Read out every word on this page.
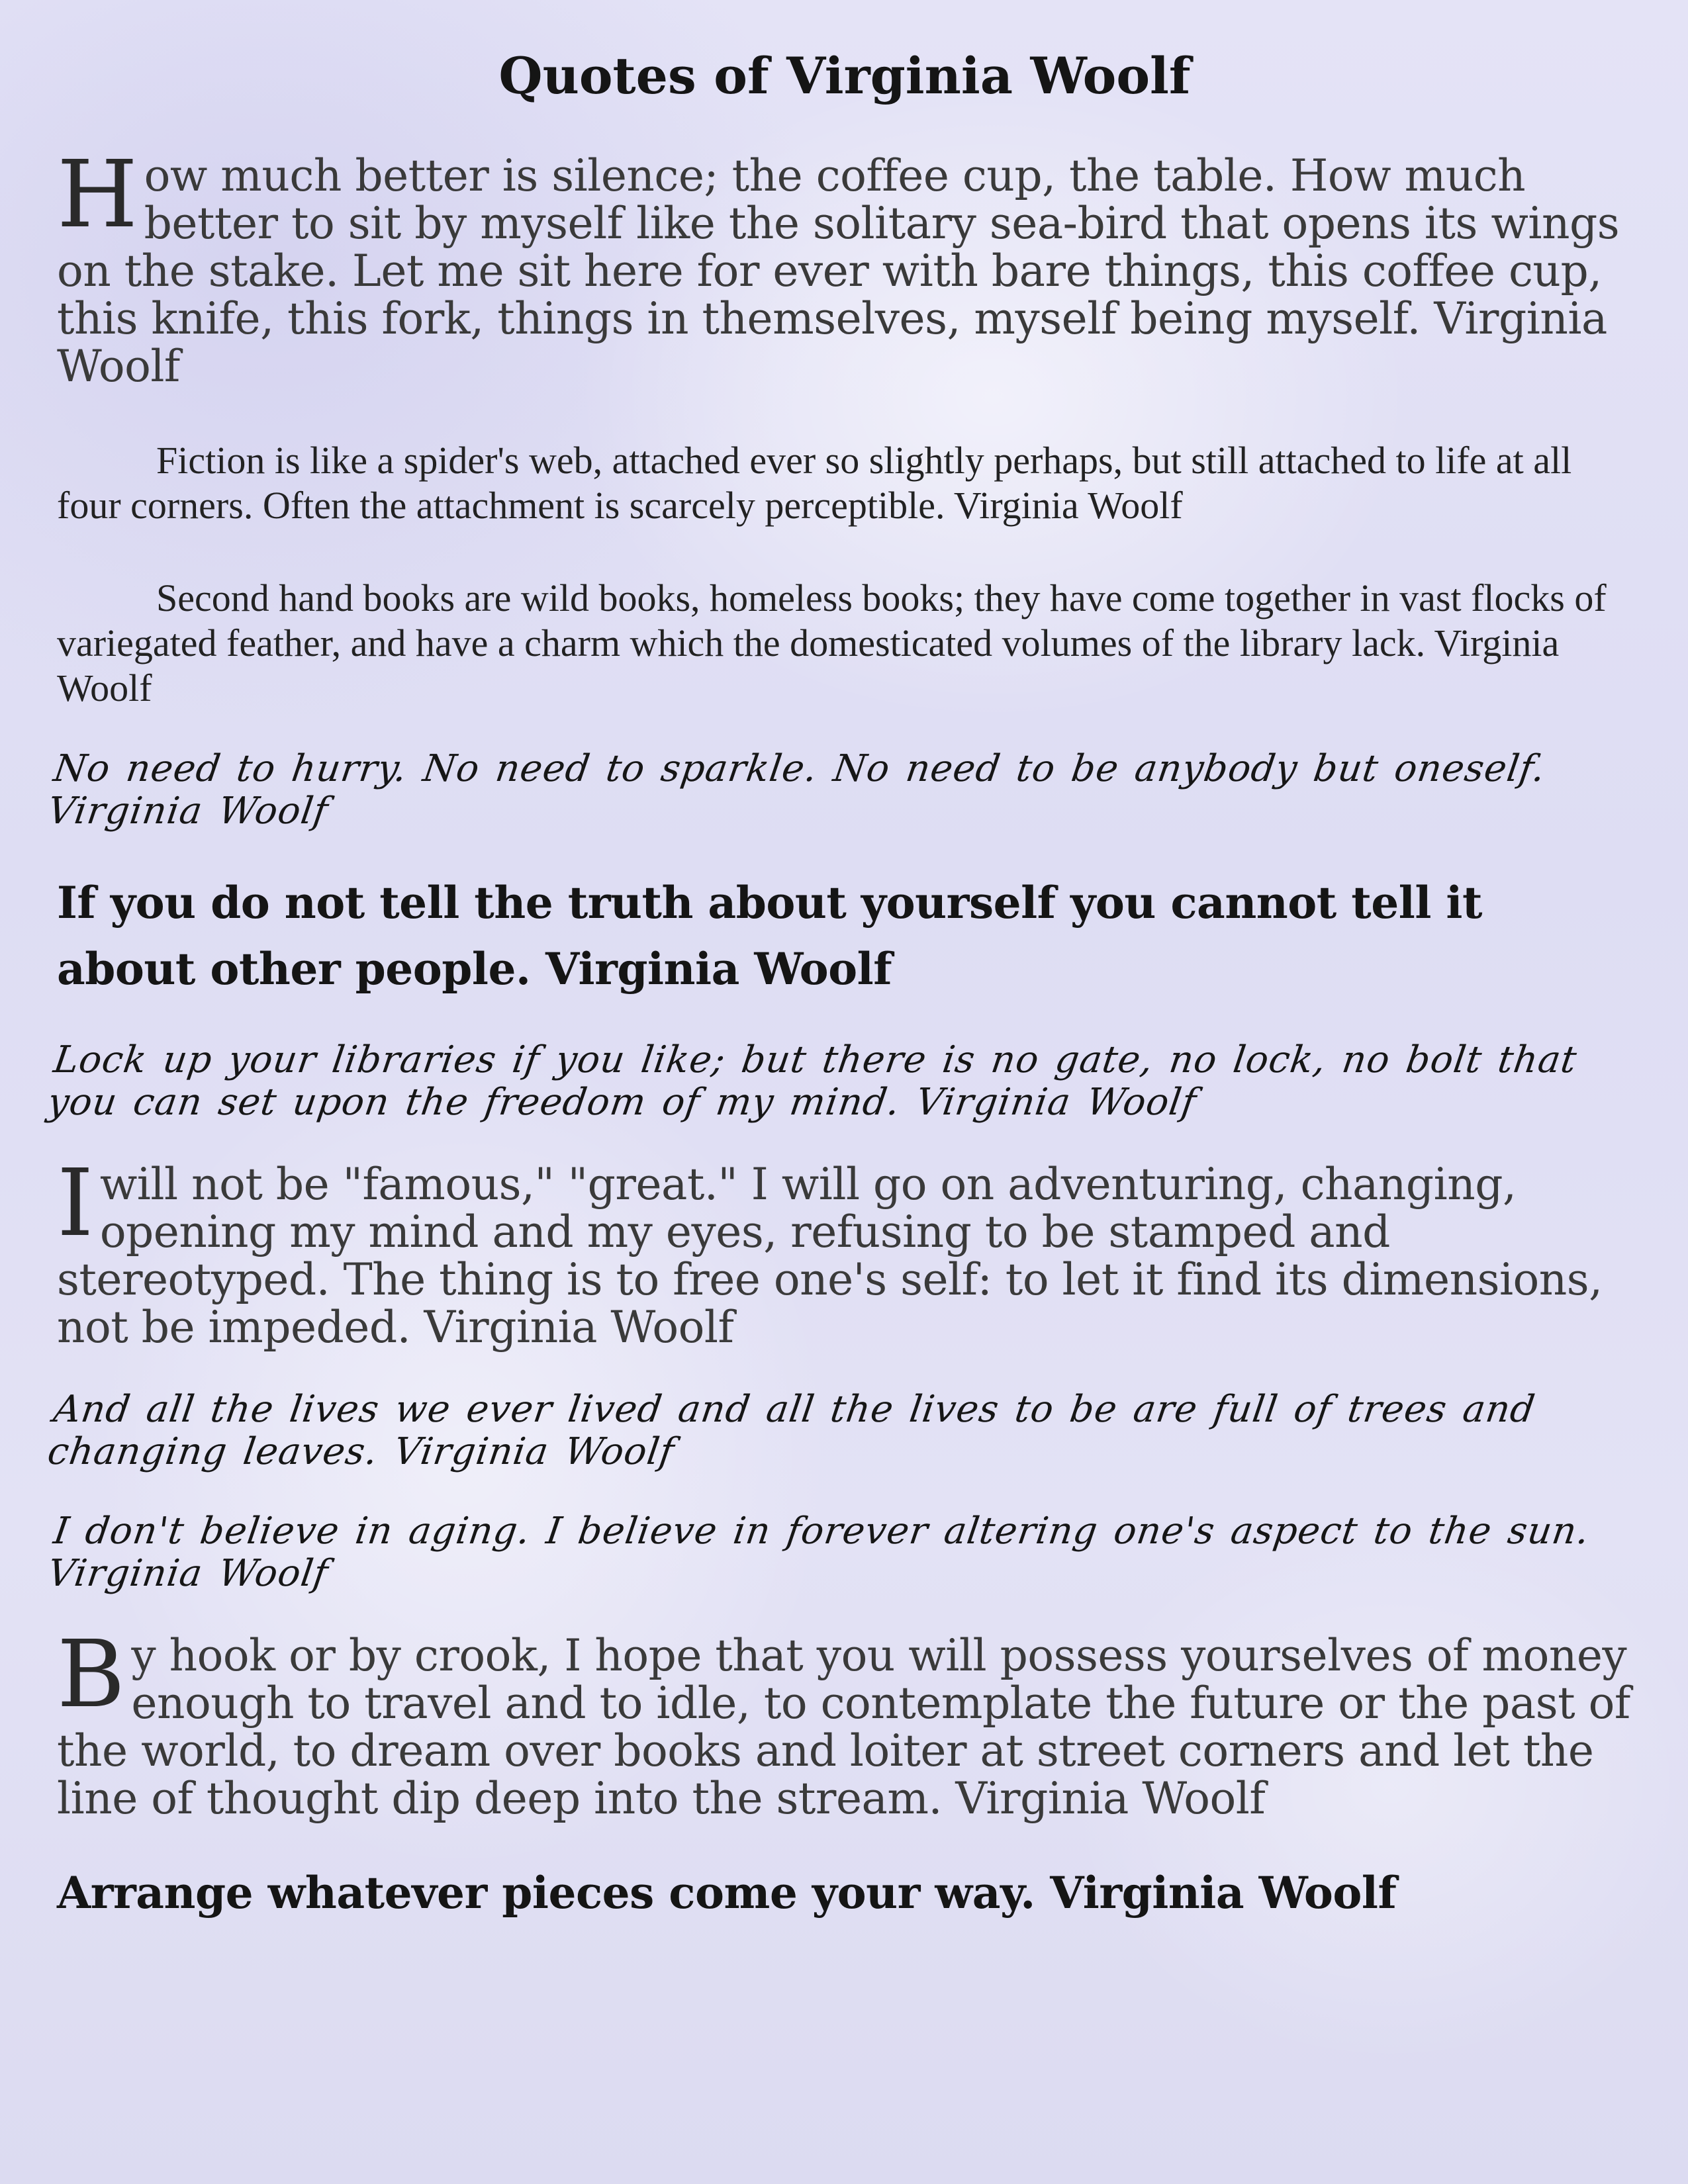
Quotes of Virginia Woolf

How much better is silence; the coffee cup, the table. How much better to sit by myself like the solitary sea-bird that opens its wings on the stake. Let me sit here for ever with bare things, this coffee cup, this knife, this fork, things in themselves, myself being myself. Virginia Woolf

Fiction is like a spider's web, attached ever so slightly perhaps, but still attached to life at all four corners. Often the attachment is scarcely perceptible. Virginia Woolf

Second hand books are wild books, homeless books; they have come together in vast flocks of variegated feather, and have a charm which the domesticated volumes of the library lack. Virginia Woolf

No need to hurry. No need to sparkle. No need to be anybody but oneself. Virginia Woolf

If you do not tell the truth about yourself you cannot tell it about other people. Virginia Woolf

Lock up your libraries if you like; but there is no gate, no lock, no bolt that you can set upon the freedom of my mind. Virginia Woolf

I will not be "famous," "great." I will go on adventuring, changing, opening my mind and my eyes, refusing to be stamped and stereotyped. The thing is to free one's self: to let it find its dimensions, not be impeded. Virginia Woolf

And all the lives we ever lived and all the lives to be are full of trees and changing leaves. Virginia Woolf

I don't believe in aging. I believe in forever altering one's aspect to the sun. Virginia Woolf

By hook or by crook, I hope that you will possess yourselves of money enough to travel and to idle, to contemplate the future or the past of the world, to dream over books and loiter at street corners and let the line of thought dip deep into the stream. Virginia Woolf

Arrange whatever pieces come your way. Virginia Woolf
